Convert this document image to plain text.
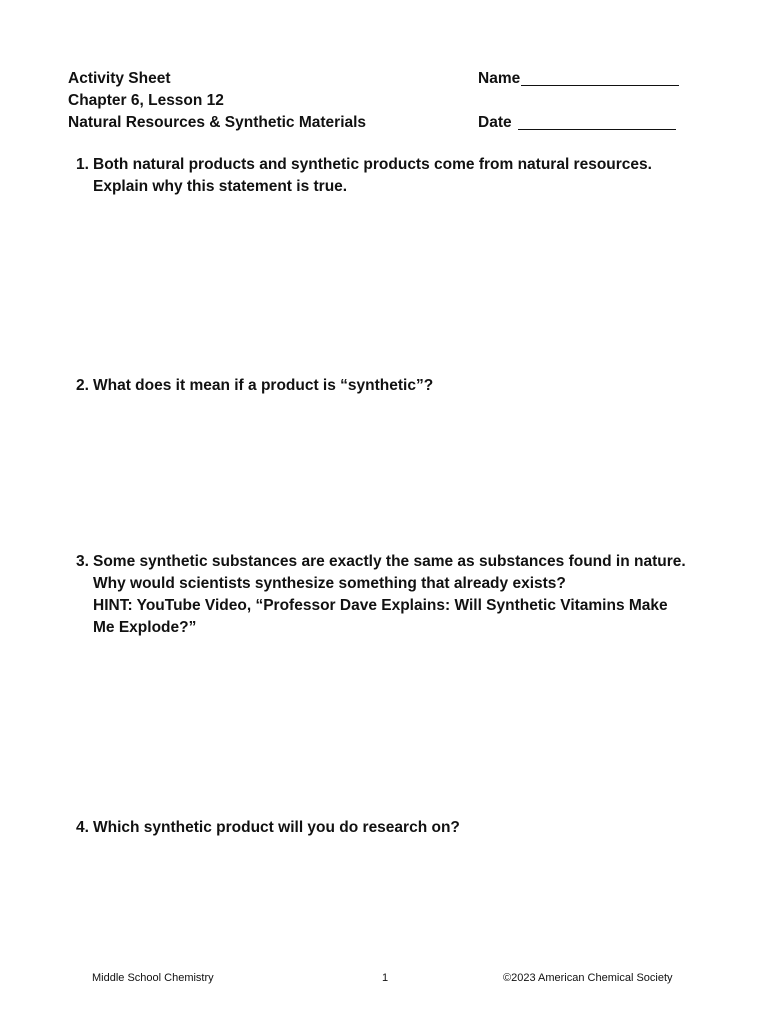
Activity Sheet
Chapter 6, Lesson 12
Natural Resources & Synthetic Materials
Name
Date
1. Both natural products and synthetic products come from natural resources. Explain why this statement is true.
2. What does it mean if a product is “synthetic”?
3. Some synthetic substances are exactly the same as substances found in nature. Why would scientists synthesize something that already exists?
HINT: YouTube Video, “Professor Dave Explains: Will Synthetic Vitamins Make Me Explode?”
4. Which synthetic product will you do research on?
Middle School Chemistry	1	©2023 American Chemical Society
